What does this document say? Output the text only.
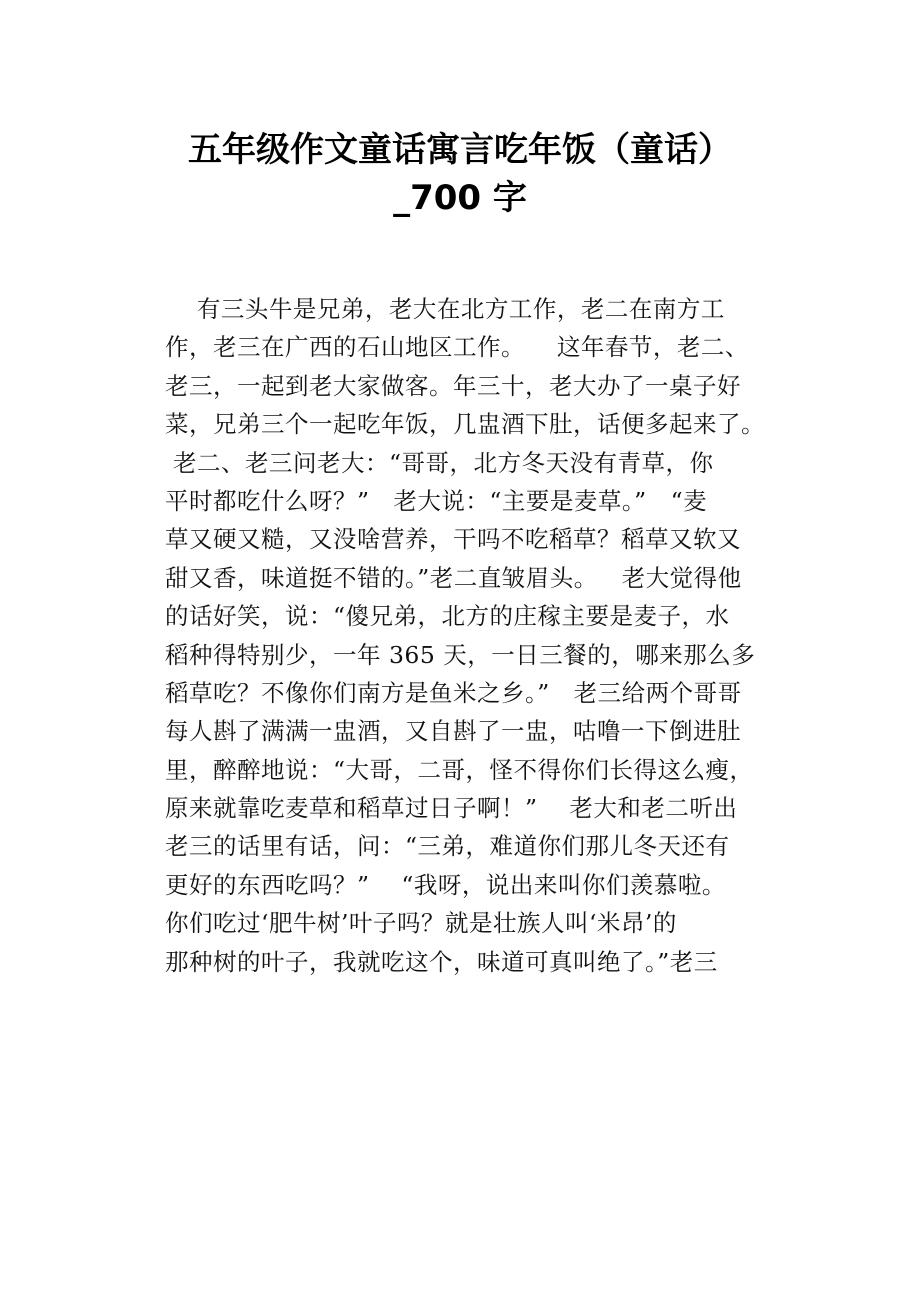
五年级作文童话寓言吃年饭（童话）
_700 字
有三头牛是兄弟，老大在北方工作，老二在南方工
作，老三在广西的石山地区工作。    这年春节，老二、
老三，一起到老大家做客。年三十，老大办了一桌子好
菜，兄弟三个一起吃年饭，几盅酒下肚，话便多起来了。
老二、老三问老大：“哥哥，北方冬天没有青草，你
平时都吃什么呀？”   老大说：“主要是麦草。”   “麦
草又硬又糙，又没啥营养，干吗不吃稻草？稻草又软又
甜又香，味道挺不错的。”老二直皱眉头。   老大觉得他
的话好笑，说：“傻兄弟，北方的庄稼主要是麦子，水
稻种得特别少，一年 365 天，一日三餐的，哪来那么多
稻草吃？不像你们南方是鱼米之乡。”   老三给两个哥哥
每人斟了满满一盅酒，又自斟了一盅，咕噜一下倒进肚
里，醉醉地说：“大哥，二哥，怪不得你们长得这么瘦，
原来就靠吃麦草和稻草过日子啊！”    老大和老二听出
老三的话里有话，问：“三弟，难道你们那儿冬天还有
更好的东西吃吗？”    “我呀，说出来叫你们羡慕啦。
你们吃过‘肥牛树’叶子吗？就是壮族人叫‘米昂’的
那种树的叶子，我就吃这个，味道可真叫绝了。”老三
